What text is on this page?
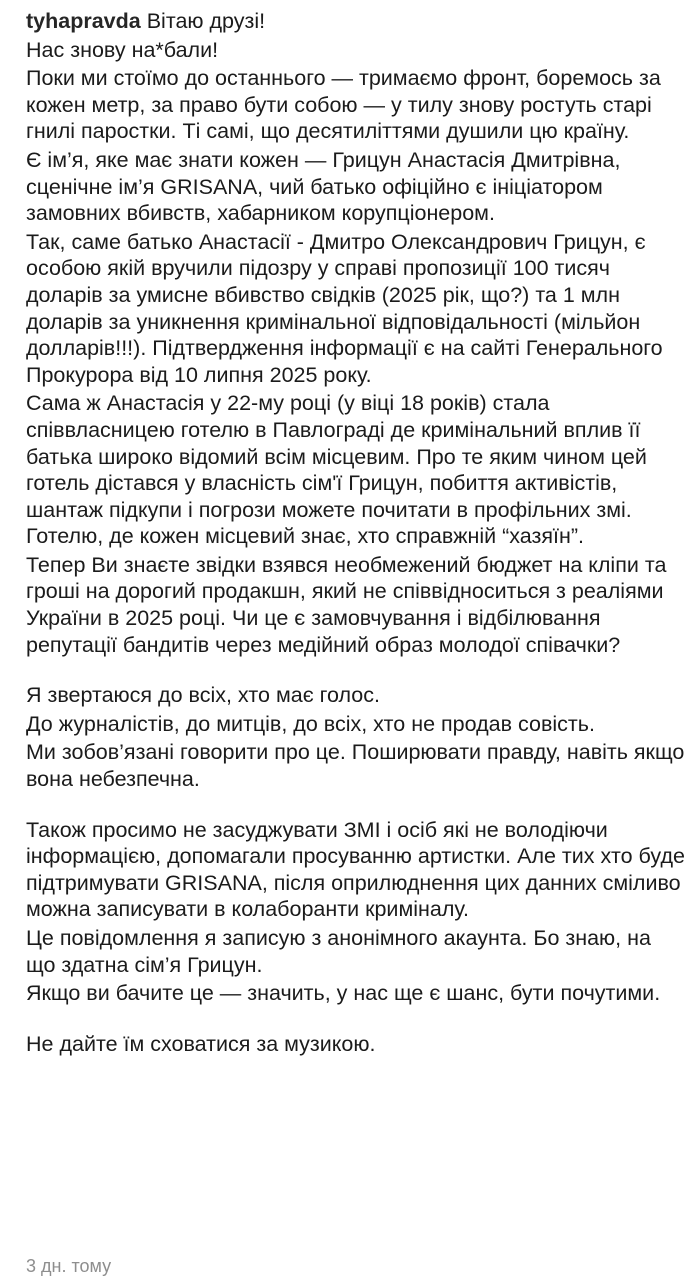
tyhapravda Вітаю друзі!

Нас знову на*бали!

Поки ми стоїмо до останнього — тримаємо фронт, боремось за кожен метр, за право бути собою — у тилу знову ростуть старі гнилі паростки. Ті самі, що десятиліттями душили цю країну.

Є ім’я, яке має знати кожен — Грицун Анастасія Дмитрівна, сценічне ім’я GRISANA, чий батько офіційно є ініціатором замовних вбивств, хабарником корупціонером.

Так, саме батько Анастасії - Дмитро Олександрович Грицун, є особою якій вручили підозру у справі пропозиції 100 тисяч доларів за умисне вбивство свідків (2025 рік, що?) та 1 млн доларів за уникнення кримінальної відповідальності (мільйон долларів!!!). Підтвердження інформації є на сайті Генерального Прокурора від 10 липня 2025 року.

Сама ж Анастасія у 22-му році (у віці 18 років) стала співвласницею готелю в Павлограді де кримінальний вплив її батька широко відомий всім місцевим. Про те яким чином цей готель дістався у власність сім'ї Грицун, побиття активістів, шантаж підкупи і погрози можете почитати в профільних змі. Готелю, де кожен місцевий знає, хто справжній “хазяїн”.

Тепер Ви знаєте звідки взявся необмежений бюджет на кліпи та гроші на дорогий продакшн, який не співвідноситься з реаліями України в 2025 році. Чи це є замовчування і відбілювання репутації бандитів через медійний образ молодої співачки?

Я звертаюся до всіх, хто має голос.

До журналістів, до митців, до всіх, хто не продав совість.

Ми зобов’язані говорити про це. Поширювати правду, навіть якщо вона небезпечна.

Також просимо не засуджувати ЗМІ і осіб які не володіючи інформацією, допомагали просуванню артистки. Але тих хто буде підтримувати GRISANA, після оприлюднення цих данних сміливо можна записувати в колаборанти криміналу.

Це повідомлення я записую з анонімного акаунта. Бо знаю, на що здатна сім’я Грицун.

Якщо ви бачите це — значить, у нас ще є шанс, бути почутими.

Не дайте їм сховатися за музикою.

3 дн. тому
